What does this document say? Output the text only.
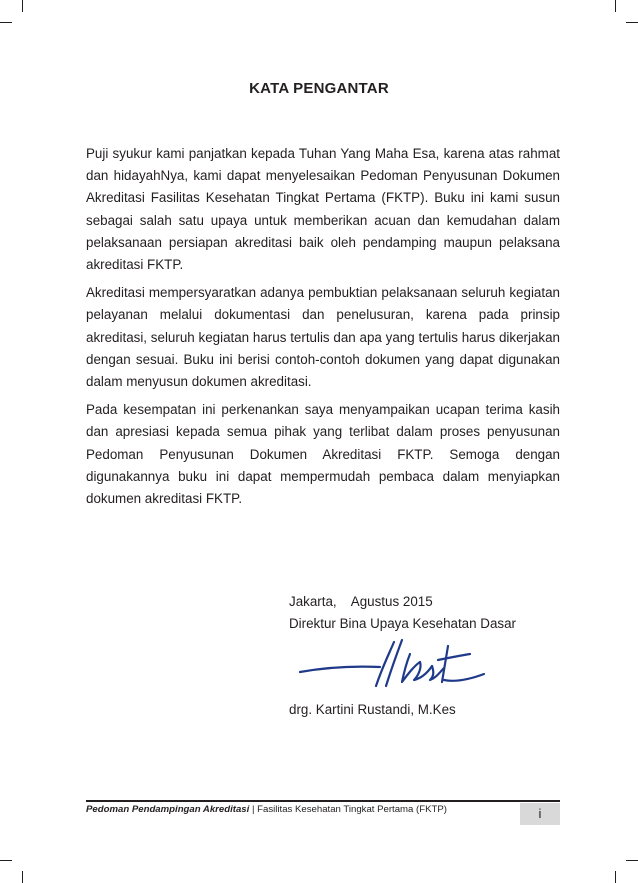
KATA PENGANTAR

Puji syukur kami panjatkan kepada Tuhan Yang Maha Esa, karena atas rahmat dan hidayahNya, kami dapat menyelesaikan Pedoman Penyusunan Dokumen Akreditasi Fasilitas Kesehatan Tingkat Pertama (FKTP). Buku ini kami susun sebagai salah satu upaya untuk memberikan acuan dan kemudahan dalam pelaksanaan persiapan akreditasi baik oleh pendamping maupun pelaksana akreditasi FKTP.

Akreditasi mempersyaratkan adanya pembuktian pelaksanaan seluruh kegiatan pelayanan melalui dokumentasi dan penelusuran, karena pada prinsip akreditasi, seluruh kegiatan harus tertulis dan apa yang tertulis harus dikerjakan dengan sesuai. Buku ini berisi contoh-contoh dokumen yang dapat digunakan dalam menyusun dokumen akreditasi.

Pada kesempatan ini perkenankan saya menyampaikan ucapan terima kasih dan apresiasi kepada semua pihak yang terlibat dalam proses penyusunan Pedoman Penyusunan Dokumen Akreditasi FKTP. Semoga dengan digunakannya buku ini dapat mempermudah pembaca dalam menyiapkan dokumen akreditasi FKTP.

Jakarta,    Agustus 2015
Direktur Bina Upaya Kesehatan Dasar
drg. Kartini Rustandi, M.Kes
Pedoman Pendampingan Akreditasi | Fasilitas Kesehatan Tingkat Pertama (FKTP)	i
